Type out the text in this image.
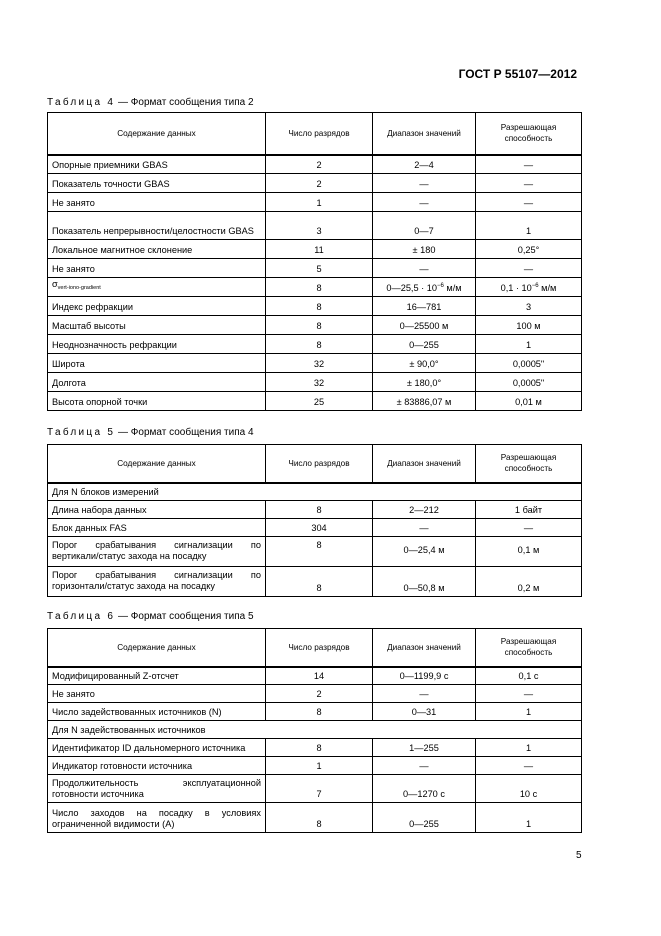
ГОСТ Р 55107—2012
Таблица 4 — Формат сообщения типа 2
Содержание данных	Число разрядов	Диапазон значений	Разрешающая способность
Опорные приемники GBAS	2	2—4	—
Показатель точности GBAS	2	—	—
Не занято	1	—	—
Показатель непрерывности/целостности GBAS	3	0—7	1
Локальное магнитное склонение	11	± 180	0,25°
Не занято	5	—	—
$\sigma_{vert-iono-gradient}$	8	0—25,5 · $10^{-6}$ м/м	$0,1 \cdot 10^{-6}$ м/м
Индекс рефракции	8	16—781	3
Масштаб высоты	8	0—25500 м	100 м
Неоднозначность рефракции	8	0—255	1
Широта	32	± 90,0°	0,0005"
Долгота	32	± 180,0°	0,0005"
Высота опорной точки	25	± 83886,07 м	0,01 м
Таблица 5 — Формат сообщения типа 4
Содержание данных	Число разрядов	Диапазон значений	Разрешающая способность
Для N блоков измерений			
Длина набора данных	8	2—212	1 байт
Блок данных FAS	304	—	—
Порог срабатывания сигнализации по вертикали/статус захода на посадку	8	0—25,4 м	0,1 м
Порог срабатывания сигнализации по горизонтали/статус захода на посадку	8	0—50,8 м	0,2 м
Таблица 6 — Формат сообщения типа 5
Содержание данных	Число разрядов	Диапазон значений	Разрешающая способность
Модифицированный Z-отсчет	14	0—1199,9 с	0,1 с
Не занято	2	—	—
Число задействованных источников (N)	8	0—31	1
Для N задействованных источников			
Идентификатор ID дальномерного источника	8	1—255	1
Индикатор готовности источника	1	—	—
Продолжительность эксплуатационной готовности источника	7	0—1270 с	10 с
Число заходов на посадку в условиях ограниченной видимости (A)	8	0—255	1
5
